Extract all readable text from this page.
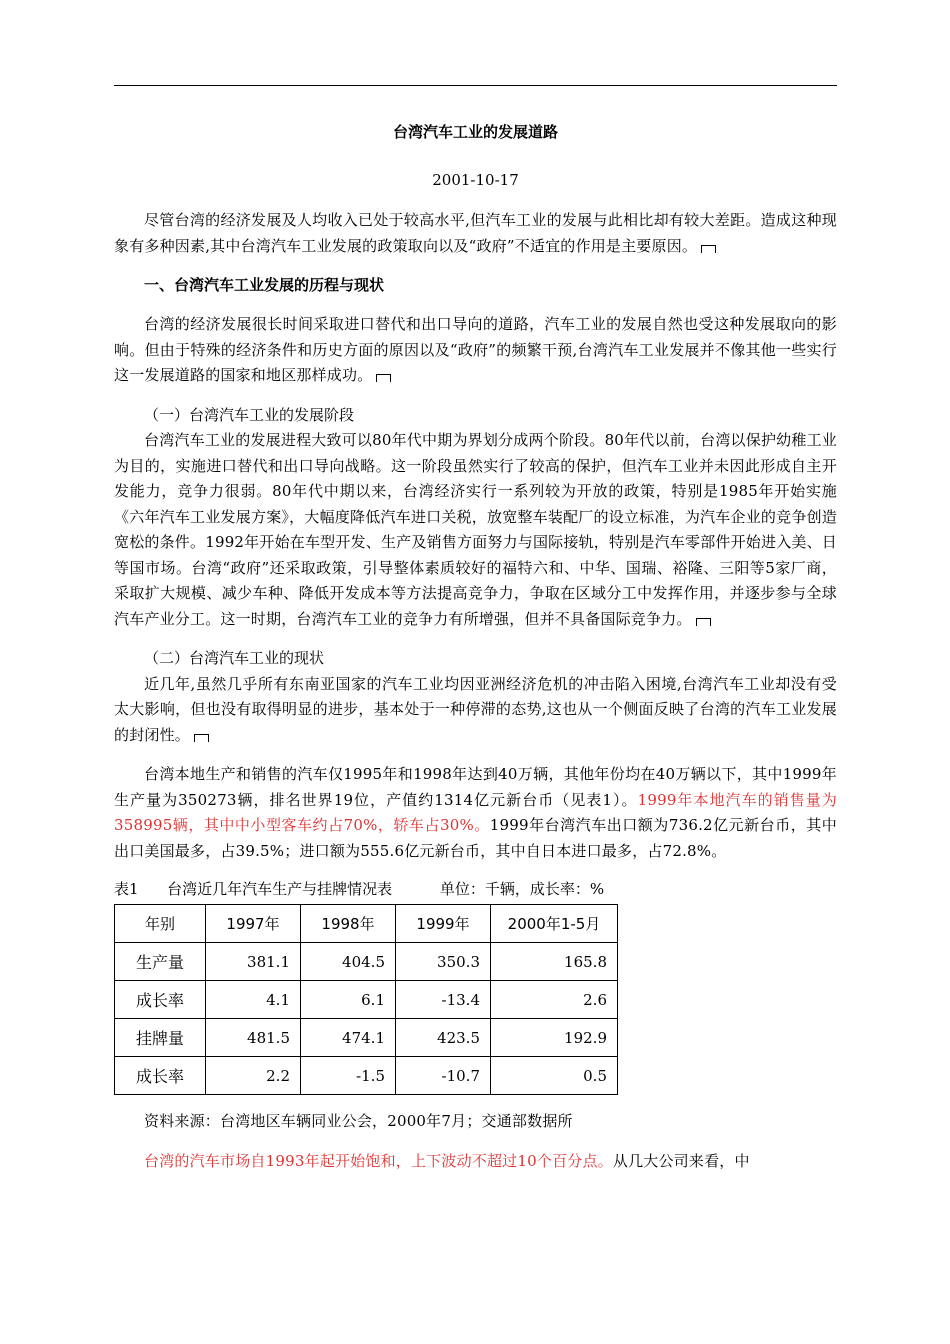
台湾汽车工业的发展道路

2001-10-17

尽管台湾的经济发展及人均收入已处于较高水平,但汽车工业的发展与此相比却有较大差距。造成这种现象有多种因素,其中台湾汽车工业发展的政策取向以及“政府”不适宜的作用是主要原因。

一、台湾汽车工业发展的历程与现状

台湾的经济发展很长时间采取进口替代和出口导向的道路，汽车工业的发展自然也受这种发展取向的影响。但由于特殊的经济条件和历史方面的原因以及“政府”的频繁干预,台湾汽车工业发展并不像其他一些实行这一发展道路的国家和地区那样成功。

（一）台湾汽车工业的发展阶段

台湾汽车工业的发展进程大致可以80年代中期为界划分成两个阶段。80年代以前，台湾以保护幼稚工业为目的，实施进口替代和出口导向战略。这一阶段虽然实行了较高的保护，但汽车工业并未因此形成自主开发能力，竞争力很弱。80年代中期以来，台湾经济实行一系列较为开放的政策，特别是1985年开始实施《六年汽车工业发展方案》，大幅度降低汽车进口关税，放宽整车装配厂的设立标准，为汽车企业的竞争创造宽松的条件。1992年开始在车型开发、生产及销售方面努力与国际接轨，特别是汽车零部件开始进入美、日等国市场。台湾“政府”还采取政策，引导整体素质较好的福特六和、中华、国瑞、裕隆、三阳等5家厂商，采取扩大规模、减少车种、降低开发成本等方法提高竞争力，争取在区域分工中发挥作用，并逐步参与全球汽车产业分工。这一时期，台湾汽车工业的竞争力有所增强，但并不具备国际竞争力。

（二）台湾汽车工业的现状

近几年,虽然几乎所有东南亚国家的汽车工业均因亚洲经济危机的冲击陷入困境,台湾汽车工业却没有受太大影响，但也没有取得明显的进步，基本处于一种停滞的态势,这也从一个侧面反映了台湾的汽车工业发展的封闭性。

台湾本地生产和销售的汽车仅1995年和1998年达到40万辆，其他年份均在40万辆以下，其中1999年生产量为350273辆，排名世界19位，产值约1314亿元新台币（见表1）。1999年本地汽车的销售量为358995辆，其中中小型客车约占70%，轿车占30%。1999年台湾汽车出口额为736.2亿元新台币，其中出口美国最多，占39.5%；进口额为555.6亿元新台币，其中自日本进口最多，占72.8%。

表1      台湾近几年汽车生产与挂牌情况表          单位：千辆，成长率：%
年别	1997年	1998年	1999年	2000年1-5月
生产量	381.1	404.5	350.3	165.8
成长率	4.1	6.1	-13.4	2.6
挂牌量	481.5	474.1	423.5	192.9
成长率	2.2	-1.5	-10.7	0.5

资料来源：台湾地区车辆同业公会，2000年7月；交通部数据所

台湾的汽车市场自1993年起开始饱和，上下波动不超过10个百分点。从几大公司来看，中
